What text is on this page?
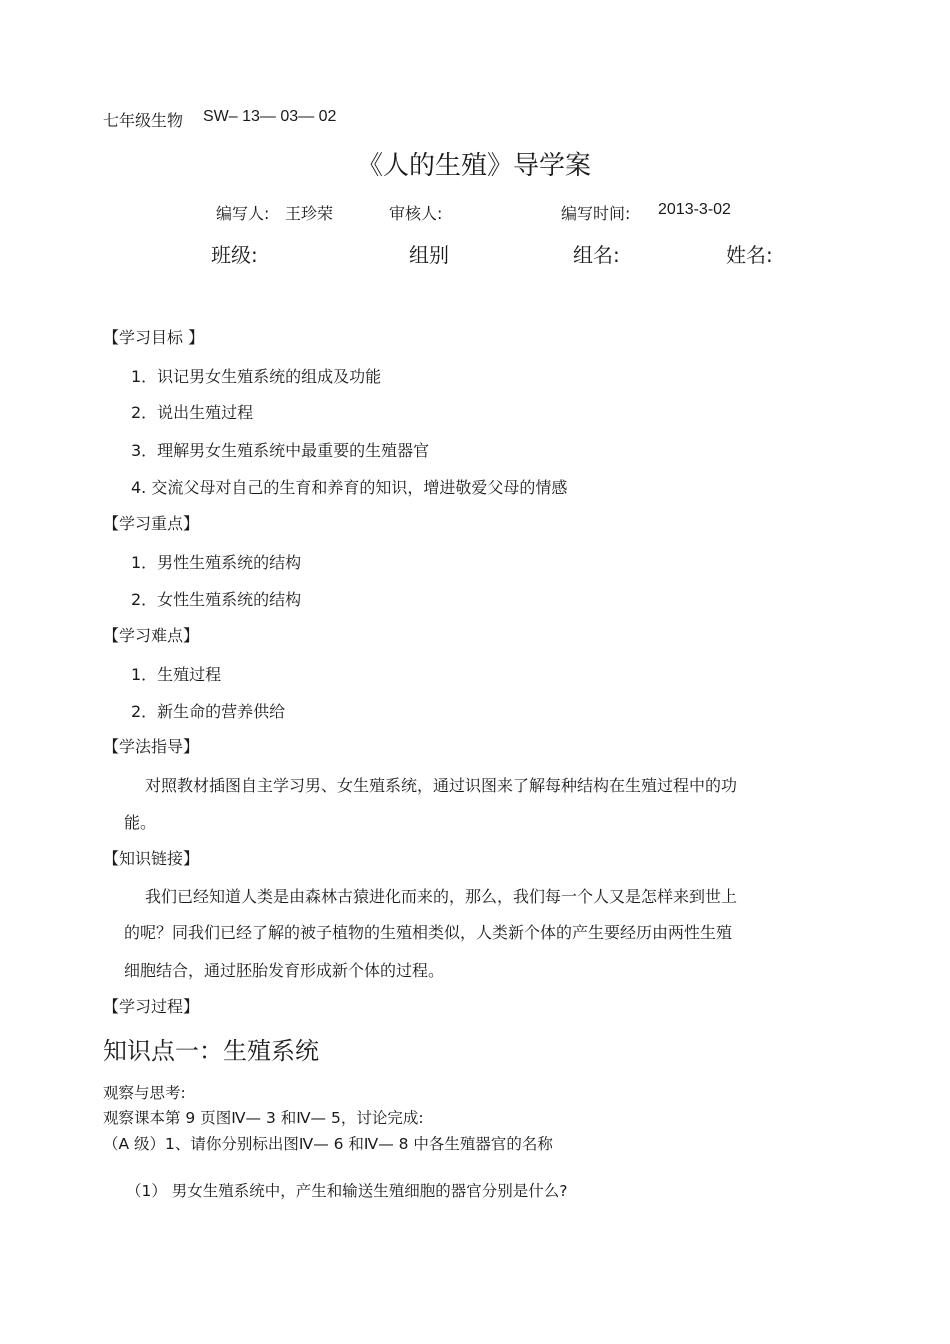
七年级生物 SW– 13— 03— 02
《人的生殖》导学案
编写人: 王珍荣	审核人:	编写时间: 2013-3-02
班级:	组别	组名:	姓名:
【学习目标 】
1．识记男女生殖系统的组成及功能
2．说出生殖过程
3．理解男女生殖系统中最重要的生殖器官
4. 交流父母对自己的生育和养育的知识，增进敬爱父母的情感
【学习重点】
1．男性生殖系统的结构
2．女性生殖系统的结构
【学习难点】
1．生殖过程
2．新生命的营养供给
【学法指导】
对照教材插图自主学习男、女生殖系统，通过识图来了解每种结构在生殖过程中的功
能。
【知识链接】
我们已经知道人类是由森林古猿进化而来的，那么，我们每一个人又是怎样来到世上
的呢？同我们已经了解的被子植物的生殖相类似，人类新个体的产生要经历由两性生殖
细胞结合，通过胚胎发育形成新个体的过程。
【学习过程】
知识点一：生殖系统
观察与思考:
观察课本第 9 页图Ⅳ— 3 和Ⅳ— 5，讨论完成:
（A 级）1、请你分别标出图Ⅳ— 6 和Ⅳ— 8 中各生殖器官的名称
（1） 男女生殖系统中，产生和输送生殖细胞的器官分别是什么?
